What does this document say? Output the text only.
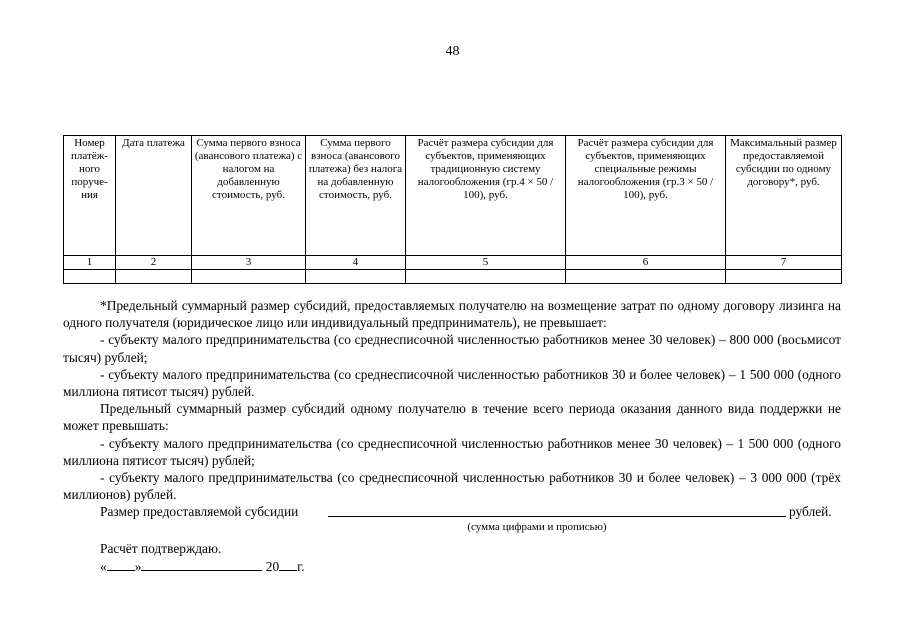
48
Номер платёж-ного поруче-ния	Дата платежа	Сумма первого взноса (авансового платежа) с налогом на добавленную стоимость, руб.	Сумма первого взноса (авансового платежа) без налога на добавленную стоимость, руб.	Расчёт размера субсидии для субъектов, применяющих традиционную систему налогообложения (гр.4 × 50 / 100), руб.	Расчёт размера субсидии для субъектов, применяющих специальные режимы налогообложения (гр.3 × 50 / 100), руб.	Максимальный размер предоставляемой субсидии по одному договору*, руб.
1	2	3	4	5	6	7

*Предельный суммарный размер субсидий, предоставляемых получателю на возмещение затрат по одному договору лизинга на одного получателя (юридическое лицо или индивидуальный предприниматель), не превышает:

- субъекту малого предпринимательства (со среднесписочной численностью работников менее 30 человек) – 800 000 (восьмисот тысяч) рублей;

- субъекту малого предпринимательства (со среднесписочной численностью работников 30 и более человек) – 1 500 000 (одного миллиона пятисот тысяч) рублей.

Предельный суммарный размер субсидий одному получателю в течение всего периода оказания данного вида поддержки не может превышать:

- субъекту малого предпринимательства (со среднесписочной численностью работников менее 30 человек) – 1 500 000 (одного миллиона пятисот тысяч) рублей;

- субъекту малого предпринимательства (со среднесписочной численностью работников 30 и более человек) – 3 000 000 (трёх миллионов) рублей.

Размер предоставляемой субсидии	рублей.
(сумма цифрами и прописью)

Расчёт подтверждаю.

« »	20 г.
